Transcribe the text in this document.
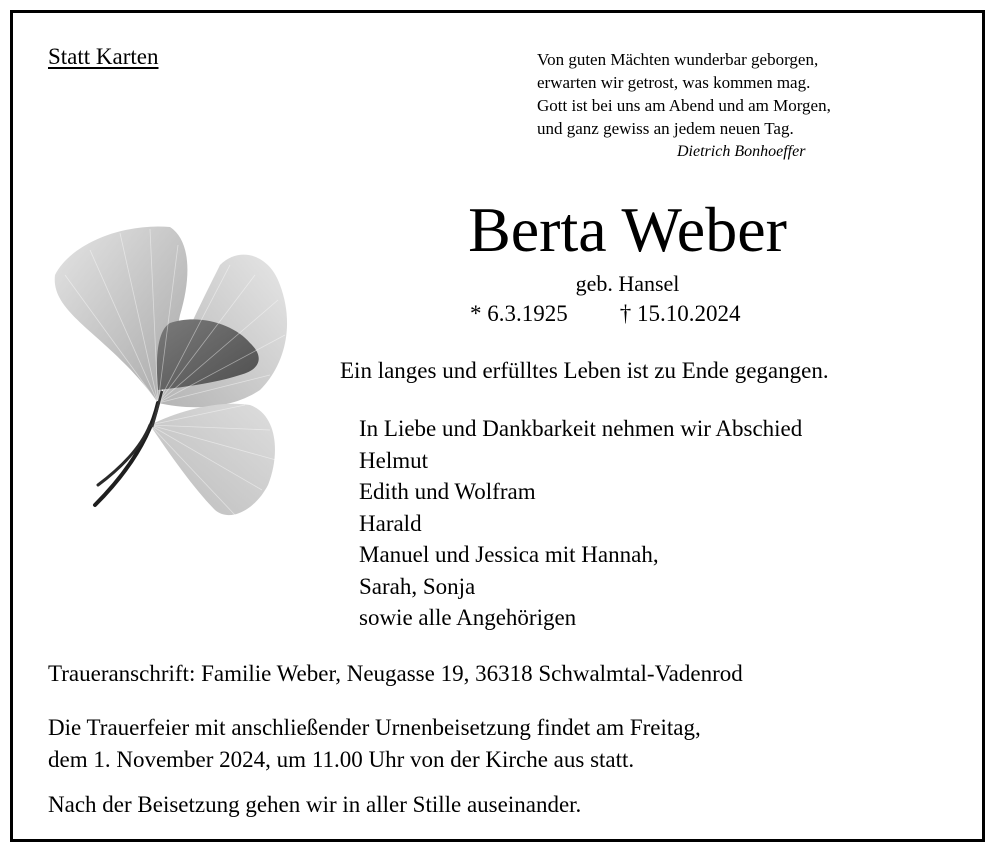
Statt Karten	Von guten Mächten wunderbar geborgen,
erwarten wir getrost, was kommen mag.
Gott ist bei uns am Abend und am Morgen,
und ganz gewiss an jedem neuen Tag.
Dietrich Bonhoeffer
Berta Weber
geb. Hansel
* 6.3.1925 † 15.10.2024
Ein langes und erfülltes Leben ist zu Ende gegangen.
In Liebe und Dankbarkeit nehmen wir Abschied
Helmut
Edith und Wolfram
Harald
Manuel und Jessica mit Hannah,
Sarah, Sonja
sowie alle Angehörigen
Traueranschrift: Familie Weber, Neugasse 19, 36318 Schwalmtal-Vadenrod
Die Trauerfeier mit anschließender Urnenbeisetzung findet am Freitag,
dem 1. November 2024, um 11.00 Uhr von der Kirche aus statt.
Nach der Beisetzung gehen wir in aller Stille auseinander.
